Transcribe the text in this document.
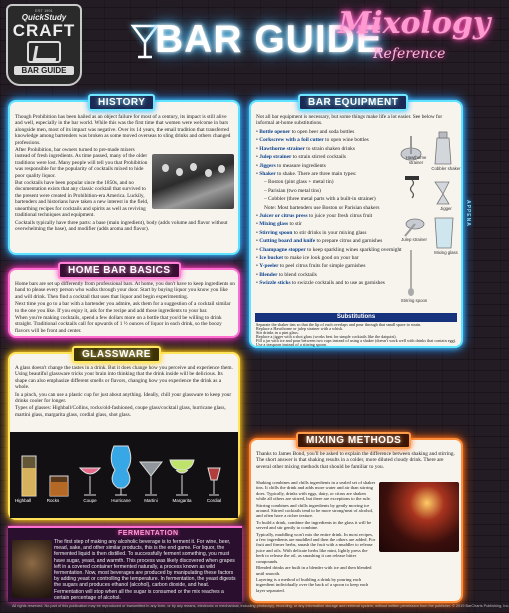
EST 1991
QuickStudy
CRAFT
BAR GUIDE
BAR GUIDE
Mixology
Reference

Though Prohibition has been hailed as an object failure for most of a century, its impact is still alive and well, especially in the bar world. While this was the first time that women were welcome in bars alongside men, most of its impact was negative. Over its 14 years, the email tradition that transferred knowledge among bartenders was broken as some moved overseas to sling drinks and others changed professions.

After Prohibition, bar owners turned to pre-made mixers instead of fresh ingredients. As time passed, many of the older traditions were lost. Many people will tell you that Prohibition was responsible for the popularity of cocktails mixed to hide poor quality liquor.

But cocktails have been popular since the 1850s, and no documentation exists that any classic cocktail that survived to the present were created in Prohibition-era America. Luckily, bartenders and historians have taken a new interest in the field, unearthing recipes for cocktails and spirits as well as reviving traditional techniques and equipment.

Cocktails typically have three parts: a base (main ingredient), body (adds volume and flavor without overwhelming the base), and modifier (adds aroma and flavor).

HISTORY

Home bars are set up differently from professional bars. At home, you don't have to keep ingredients on hand to please every person who walks through your door. Start by buying liquor you know you like and will drink. Then find a cocktail that uses that liquor and begin experimenting.

Next time you go to a bar with a bartender you admire, ask them for a suggestion of a cocktail similar to the one you like. If you enjoy it, ask for the recipe and add those ingredients to your bar.

When you're making cocktails, spend a few dollars more on a bottle that you'd be willing to drink straight. Traditional cocktails call for upwards of 1 ½ ounces of liquor in each drink, so the boozy flavors will be front and center.

HOME BAR BASICS

A glass doesn't change the tastes in a drink. But it does change how you perceive and experience them. Using beautiful glassware tricks your brain into thinking that the drink inside will be delicious. Its shape can also emphasize different smells or flavors, changing how you experience the drink as a whole.

In a pinch, you can use a plastic cup for just about anything. Ideally, chill your glassware to keep your drinks cooler for longer.

Types of glasses: Highball/Collins, rocks/old-fashioned, coupe glass/cocktail glass, hurricane glass, martini glass, margarita glass, cordial glass, shot glass.

Highball	Rocks	Coupe	Hurricane	Martini	Margarita	Cordial
GLASSWARE
Not all bar equipment is necessary, but some things make life a lot easier. See below for informal at-home substitutions.
• Bottle opener to open beer and soda bottles
• Corkscrew with a foil cutter to open wine bottles
• Hawthorne strainer to strain shaken drinks
• Julep strainer to strain stirred cocktails
• Jiggers to measure ingredients
• Shaker to shake. There are three main types:
– Boston (pint glass + metal tin)
– Parisian (two metal tins)
– Cobbler (three metal parts with a built-in strainer)
Note: Most bartenders use Boston or Parisian shakers
• Juicer or citrus press to juice your fresh citrus fruit
• Mixing glass to stir
• Stirring spoon to stir drinks in your mixing glass
• Cutting board and knife to prepare citrus and garnishes
• Champagne stopper to keep sparkling wines sparkling overnight
• Ice bucket to make ice look good on your bar
• Y-peeler to peel citrus fruits for simple garnishes
• Blender to blend cocktails
• Swizzle sticks to swizzle cocktails and to use as garnishes
Hawthorne strainer
Cobbler shaker
Jigger
Julep strainer
Stirring spoon
Mixing glass
Substitutions
Separate the shaker tins so that the lip of each overlaps and pour through that small space to strain.
Replace a Hawthorne or julep strainer with a whisk.
Stir drinks in a pint glass.
Replace a jigger with a shot glass (works best for simple cocktails like the daiquiri).
Fill a jar with ice and pour between two cups instead of using a shaker (doesn't work well with drinks that contain egg).
Use a teaspoon instead of a stirring spoon.
BAR EQUIPMENT
APPENA
Thanks to James Bond, you'll be asked to explain the difference between shaking and stirring. The short answer is that shaking results in a colder, more diluted cloudy drink. There are several other mixing methods that should be familiar to you.
Shaking combines and chills ingredients in a sealed set of shaker tins. It chills the drink and adds more water and air than stirring does. Typically, drinks with eggs, dairy, or citrus are shaken while all others are stirred, but there are exceptions to the rule.
Stirring combines and chills ingredients by gently moving ice around. Stirred cocktails tend to be more strong/neat of alcohol, and often have a richer texture.
To build a drink, combine the ingredients in the glass it will be served and stir gently to combine.
Typically, muddling won't mix the entire drink. In most recipes, a few ingredients are muddled and then the others are added. For fruit and firmer herbs, smash the fruit with a muddler to release juice and oils. With delicate herbs like mint, lightly press the herb to release the oil, as smashing it can release bitter compounds.
Blended drinks are built in a blender with ice and then blended until smooth.
Layering is a method of building a drink by pouring each ingredient individually over the back of a spoon to keep each layer separated.
MIXING METHODS
FERMENTATION
The first step of making any alcoholic beverage is to ferment it. For wine, beer, mead, sake, and other similar products, this is the end game. For liquor, the fermented liquid is then distilled. To successfully ferment something, you must have sugar, yeast, and warmth. This process was likely discovered when grapes left in a covered container fermented naturally, a process known as wild fermentation. Now, most beverages are produced by manipulating these factors by adding yeast or controlling the temperature. In fermentation, the yeast digests the sugars and produces ethanol (alcohol), carbon dioxide, and heat. Fermentation will stop when all the sugar is consumed or the mix reaches a certain percentage of alcohol.
All rights reserved. No part of this publication may be reproduced or transmitted in any form, or by any means, electronic or mechanical, including photocopy, recording, or any information storage and retrieval system, without written permission from the publisher. © 2019 BarCharts Publishing, Inc.
